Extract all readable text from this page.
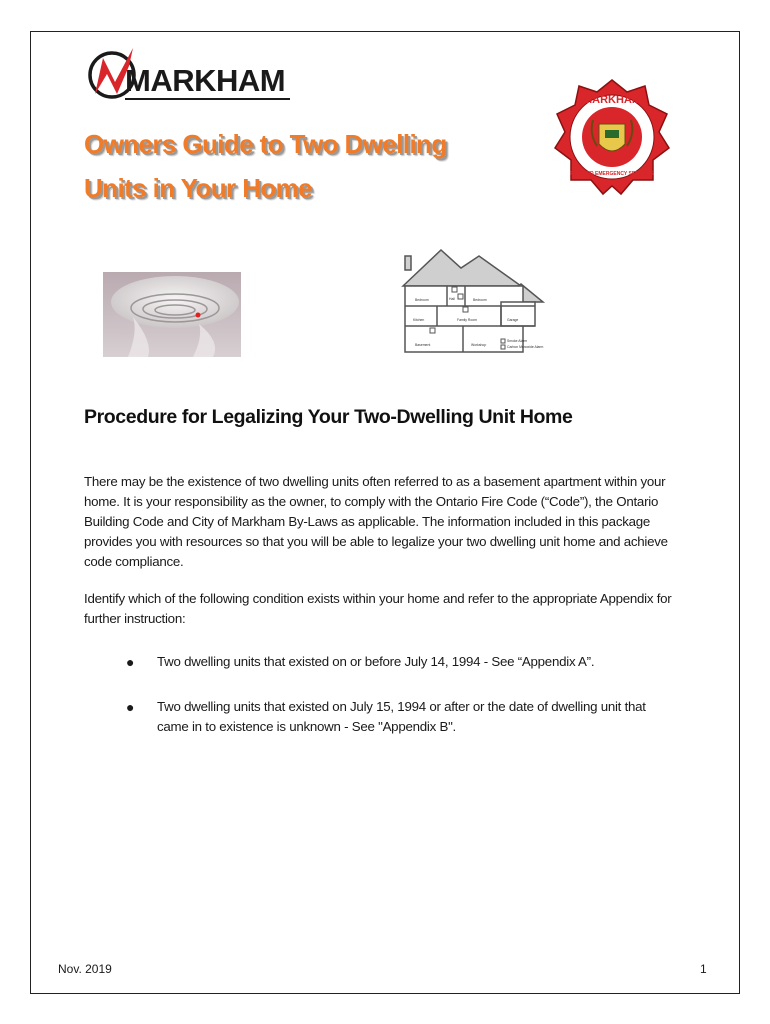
MARKHAM
Owners Guide to Two Dwelling
Units in Your Home
MARKHAM
FIRE AND EMERGENCY SERVICES
Bedroom	Hall	Bedroom
Kitchen	Family Room	Garage
Basement	Workshop
Smoke Alarm
Carbon Monoxide Alarm
Procedure for Legalizing Your Two-Dwelling Unit Home
There may be the existence of two dwelling units often referred to as a basement apartment within your home. It is your responsibility as the owner, to comply with the Ontario Fire Code (“Code”), the Ontario Building Code and City of Markham By-Laws as applicable. The information included in this package provides you with resources so that you will be able to legalize your two dwelling unit home and achieve code compliance.
Identify which of the following condition exists within your home and refer to the appropriate Appendix for further instruction:
● Two dwelling units that existed on or before July 14, 1994 - See “Appendix A”.
● Two dwelling units that existed on July 15, 1994 or after or the date of dwelling unit that came in to existence is unknown - See "Appendix B".
Nov. 2019	1
